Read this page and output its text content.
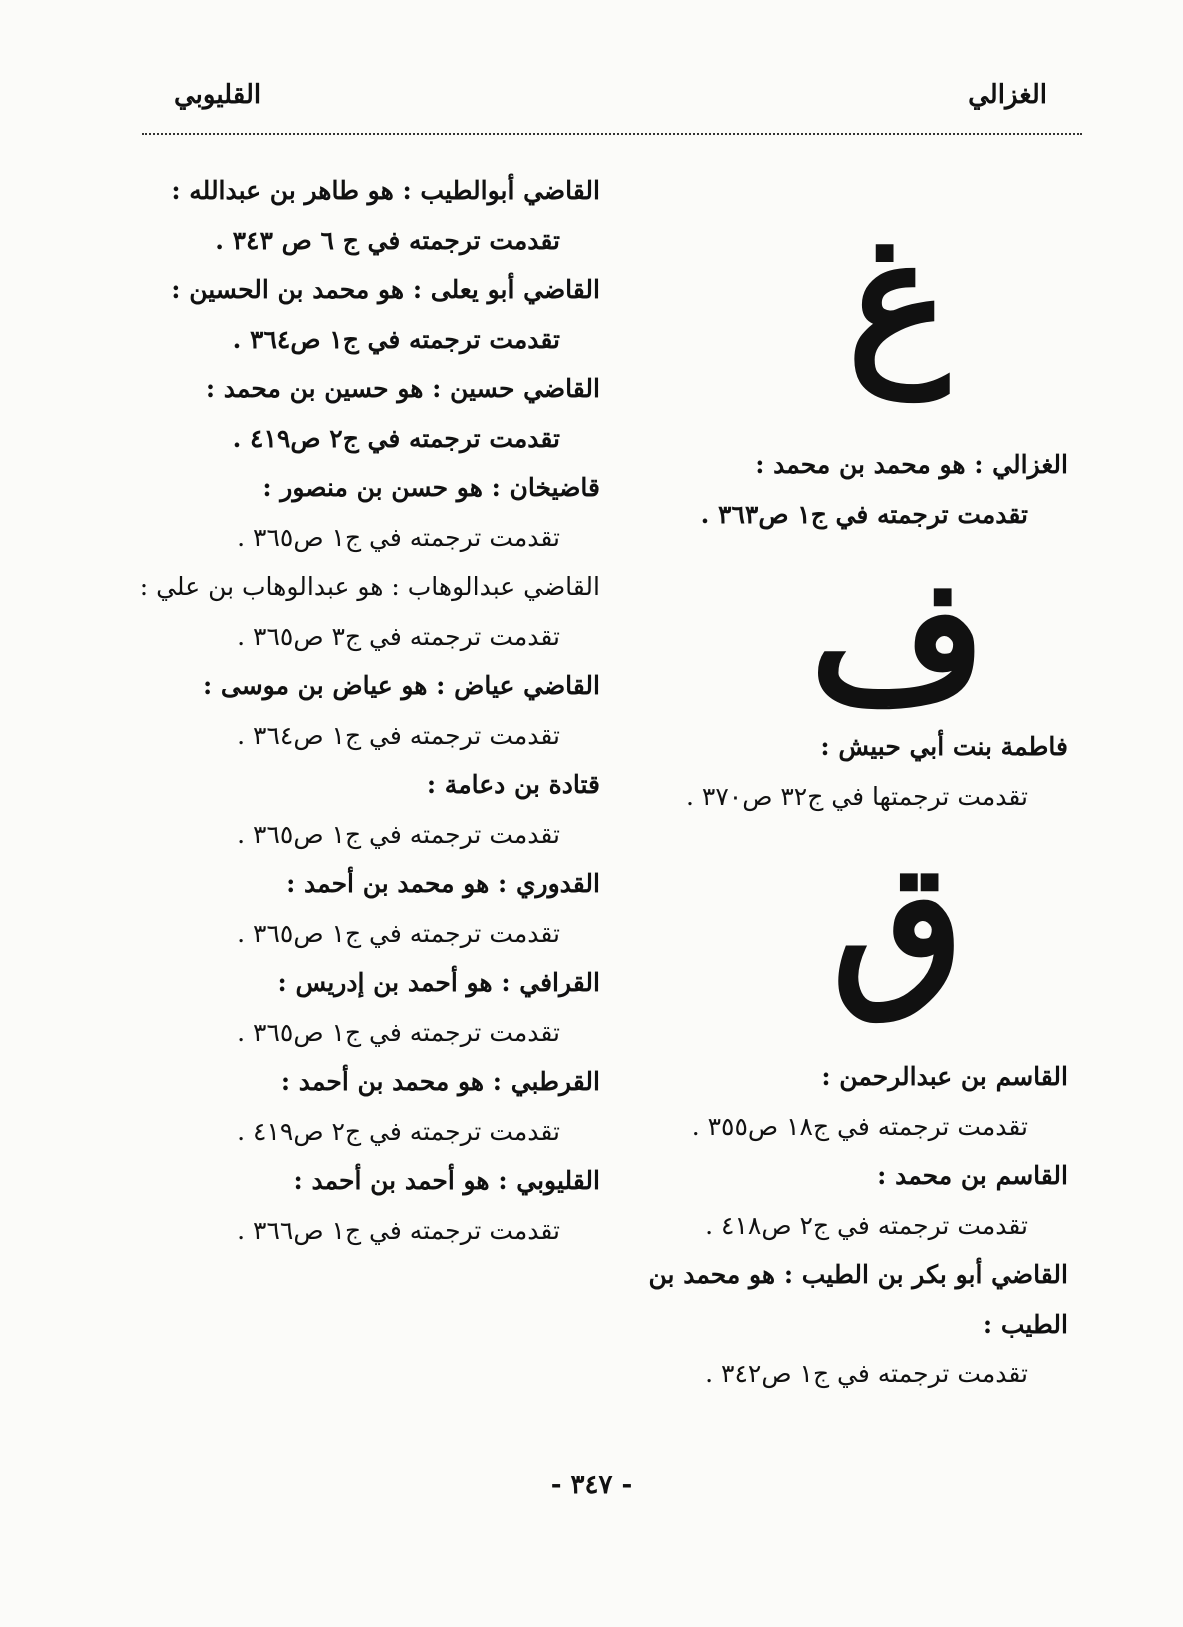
الغزالي
القليوبي
القاضي أبوالطيب : هو طاهر بن عبدالله :
تقدمت ترجمته في ج ٦ ص ٣٤٣ .
القاضي أبو يعلى : هو محمد بن الحسين :
تقدمت ترجمته في ج١ ص٣٦٤ .
القاضي حسين : هو حسين بن محمد :
تقدمت ترجمته في ج٢ ص٤١٩ .
قاضيخان : هو حسن بن منصور :
تقدمت ترجمته في ج١ ص٣٦٥ .
القاضي عبدالوهاب : هو عبدالوهاب بن علي :
تقدمت ترجمته في ج٣ ص٣٦٥ .
القاضي عياض : هو عياض بن موسى :
تقدمت ترجمته في ج١ ص٣٦٤ .
قتادة بن دعامة :
تقدمت ترجمته في ج١ ص٣٦٥ .
القدوري : هو محمد بن أحمد :
تقدمت ترجمته في ج١ ص٣٦٥ .
القرافي : هو أحمد بن إدريس :
تقدمت ترجمته في ج١ ص٣٦٥ .
القرطبي : هو محمد بن أحمد :
تقدمت ترجمته في ج٢ ص٤١٩ .
القليوبي : هو أحمد بن أحمد :
تقدمت ترجمته في ج١ ص٣٦٦ .
غ
الغزالي : هو محمد بن محمد :
تقدمت ترجمته في ج١ ص٣٦٣ .
ف
فاطمة بنت أبي حبيش :
تقدمت ترجمتها في ج٣٢ ص٣٧٠ .
ق
القاسم بن عبدالرحمن :
تقدمت ترجمته في ج١٨ ص٣٥٥ .
القاسم بن محمد :
تقدمت ترجمته في ج٢ ص٤١٨ .
القاضي أبو بكر بن الطيب : هو محمد بن الطيب :
تقدمت ترجمته في ج١ ص٣٤٢ .
- ٣٤٧ -
